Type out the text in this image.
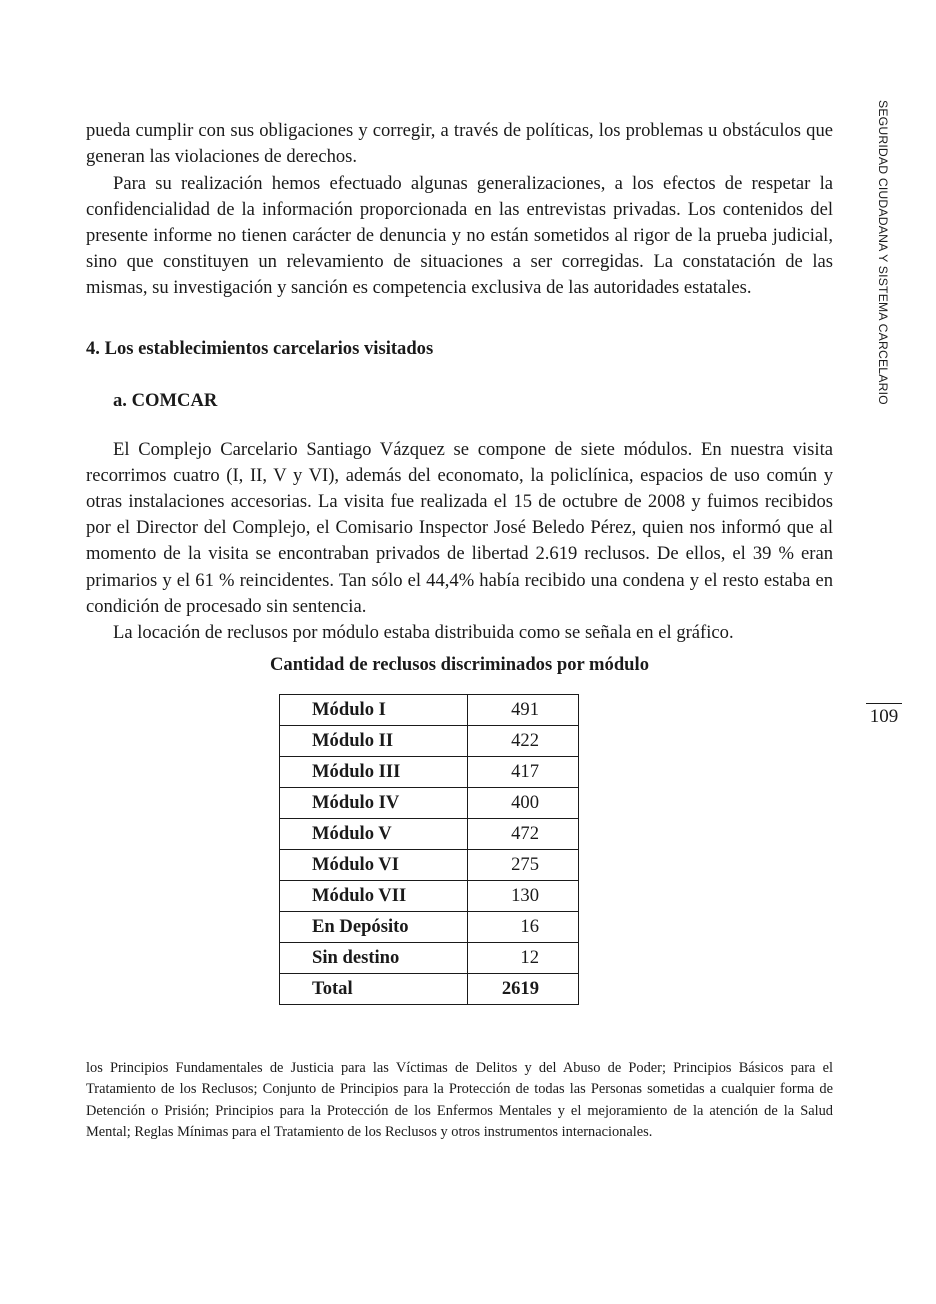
pueda cumplir con sus obligaciones y corregir, a través de políticas, los problemas u obstáculos que generan las violaciones de derechos.

Para su realización hemos efectuado algunas generalizaciones, a los efectos de respetar la confidencialidad de la información proporcionada en las entrevistas privadas. Los contenidos del presente informe no tienen carácter de denuncia y no están sometidos al rigor de la prueba judicial, sino que constituyen un relevamiento de situaciones a ser corregidas. La constatación de las mismas, su investigación y sanción es competencia exclusiva de las autoridades estatales.

4. Los establecimientos carcelarios visitados
a. COMCAR

El Complejo Carcelario Santiago Vázquez se compone de siete módulos. En nuestra visita recorrimos cuatro (I, II, V y VI), además del economato, la policlínica, espacios de uso común y otras instalaciones accesorias. La visita fue realizada el 15 de octubre de 2008 y fuimos recibidos por el Director del Complejo, el Comisario Inspector José Beledo Pérez, quien nos informó que al momento de la visita se encontraban privados de libertad 2.619 reclusos. De ellos, el 39 % eran primarios y el 61 % reincidentes. Tan sólo el 44,4% había recibido una condena y el resto estaba en condición de procesado sin sentencia.

La locación de reclusos por módulo estaba distribuida como se señala en el gráfico.

Cantidad de reclusos discriminados por módulo
Módulo I	491
Módulo II	422
Módulo III	417
Módulo IV	400
Módulo V	472
Módulo VI	275
Módulo VII	130
En Depósito	16
Sin destino	12
Total	2619

los Principios Fundamentales de Justicia para las Víctimas de Delitos y del Abuso de Poder; Principios Básicos para el Tratamiento de los Reclusos; Conjunto de Principios para la Protección de todas las Personas sometidas a cualquier forma de Detención o Prisión; Principios para la Protección de los Enfermos Mentales y el mejoramiento de la atención de la Salud Mental; Reglas Mínimas para el Tratamiento de los Reclusos y otros instrumentos internacionales.

SEGURIDAD CIUDADANA Y SISTEMA CARCELARIO
109
